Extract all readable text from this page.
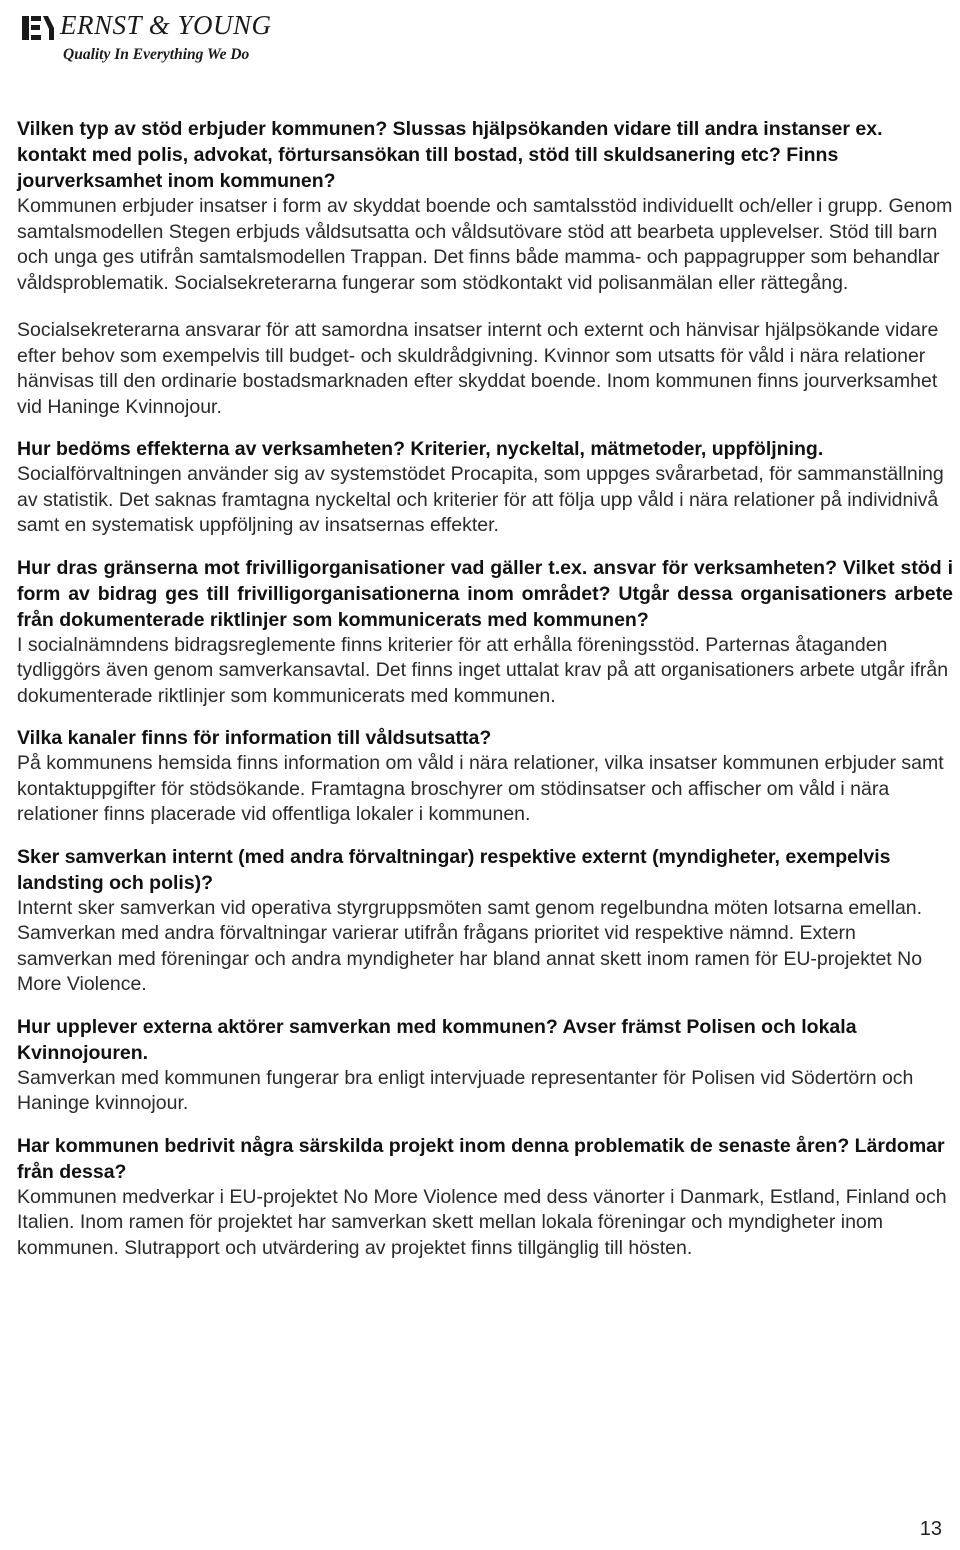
ERNST & YOUNG
Quality In Everything We Do

Vilken typ av stöd erbjuder kommunen? Slussas hjälpsökanden vidare till andra instanser ex. kontakt med polis, advokat, förtursansökan till bostad, stöd till skuldsanering etc? Finns jourverksamhet inom kommunen?

Kommunen erbjuder insatser i form av skyddat boende och samtalsstöd individuellt och/eller i grupp. Genom samtalsmodellen Stegen erbjuds våldsutsatta och våldsutövare stöd att bearbeta upplevelser. Stöd till barn och unga ges utifrån samtalsmodellen Trappan. Det finns både mamma- och pappagrupper som behandlar våldsproblematik. Socialsekreterarna fungerar som stödkontakt vid polisanmälan eller rättegång.

Socialsekreterarna ansvarar för att samordna insatser internt och externt och hänvisar hjälpsökande vidare efter behov som exempelvis till budget- och skuldrådgivning. Kvinnor som utsatts för våld i nära relationer hänvisas till den ordinarie bostadsmarknaden efter skyddat boende. Inom kommunen finns jourverksamhet vid Haninge Kvinnojour.

Hur bedöms effekterna av verksamheten? Kriterier, nyckeltal, mätmetoder, uppföljning.

Socialförvaltningen använder sig av systemstödet Procapita, som uppges svårarbetad, för sammanställning av statistik. Det saknas framtagna nyckeltal och kriterier för att följa upp våld i nära relationer på individnivå samt en systematisk uppföljning av insatsernas effekter.

Hur dras gränserna mot frivilligorganisationer vad gäller t.ex. ansvar för verksamheten? Vilket stöd i form av bidrag ges till frivilligorganisationerna inom området? Utgår dessa organisationers arbete från dokumenterade riktlinjer som kommunicerats med kommunen?

I socialnämndens bidragsreglemente finns kriterier för att erhålla föreningsstöd. Parternas åtaganden tydliggörs även genom samverkansavtal. Det finns inget uttalat krav på att organisationers arbete utgår ifrån dokumenterade riktlinjer som kommunicerats med kommunen.

Vilka kanaler finns för information till våldsutsatta?

På kommunens hemsida finns information om våld i nära relationer, vilka insatser kommunen erbjuder samt kontaktuppgifter för stödsökande. Framtagna broschyrer om stödinsatser och affischer om våld i nära relationer finns placerade vid offentliga lokaler i kommunen.

Sker samverkan internt (med andra förvaltningar) respektive externt (myndigheter, exempelvis landsting och polis)?

Internt sker samverkan vid operativa styrgruppsmöten samt genom regelbundna möten lotsarna emellan. Samverkan med andra förvaltningar varierar utifrån frågans prioritet vid respektive nämnd. Extern samverkan med föreningar och andra myndigheter har bland annat skett inom ramen för EU-projektet No More Violence.

Hur upplever externa aktörer samverkan med kommunen? Avser främst Polisen och lokala Kvinnojouren.

Samverkan med kommunen fungerar bra enligt intervjuade representanter för Polisen vid Södertörn och Haninge kvinnojour.

Har kommunen bedrivit några särskilda projekt inom denna problematik de senaste åren? Lärdomar från dessa?

Kommunen medverkar i EU-projektet No More Violence med dess vänorter i Danmark, Estland, Finland och Italien. Inom ramen för projektet har samverkan skett mellan lokala föreningar och myndigheter inom kommunen. Slutrapport och utvärdering av projektet finns tillgänglig till hösten.

13
